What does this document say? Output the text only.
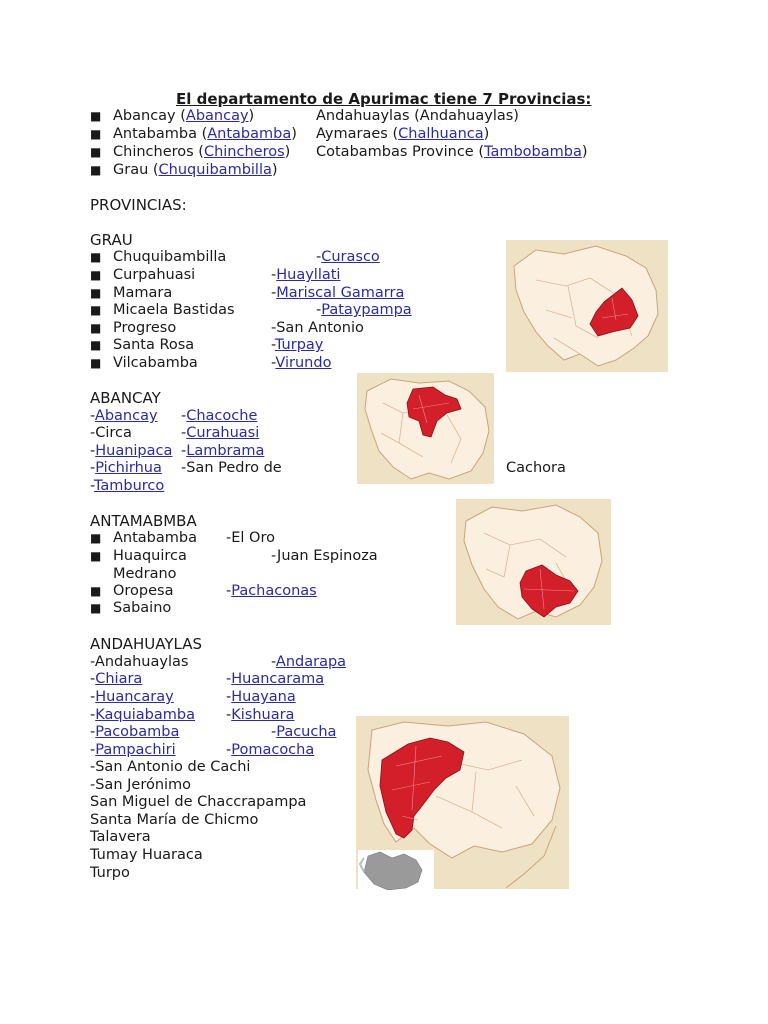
El departamento de Apurimac tiene 7 Provincias:
■ Abancay (Abancay)	Andahuaylas (Andahuaylas)
■ Antabamba (Antabamba) Aymaraes (Chalhuanca)
■ Chincheros (Chincheros) Cotabambas Province (Tambobamba)
■ Grau (Chuquibambilla)
PROVINCIAS:
GRAU
■ Chuquibambilla
■ Curpahuasi
■ Mamara
■ Micaela Bastidas
■ Progreso
■ Santa Rosa
■ Vilcabamba
-Curasco
-Huayllati
-Mariscal Gamarra
-Pataypampa
-San Antonio
-Turpay
-Virundo
ABANCAY
-Abancay
-Circa
-Huanipaca
-Pichirhua
-Tamburco
-Chacoche
-Curahuasi
-Lambrama
-San Pedro de	Cachora
ANTAMABMBA
■ Antabamba
■ Huaquirca
Medrano
■ Oropesa
■ Sabaino
-El Oro
-Juan Espinoza
-Pachaconas
ANDAHUAYLAS
-Andahuaylas
-Chiara
-Huancaray
-Kaquiabamba
-Pacobamba
-Pampachiri
-Andarapa
-Huancarama
-Huayana
-Kishuara
-Pacucha
-Pomacocha
-San Antonio de Cachi
-San Jerónimo
San Miguel de Chaccrapampa
Santa María de Chicmo
Talavera
Tumay Huaraca
Turpo
